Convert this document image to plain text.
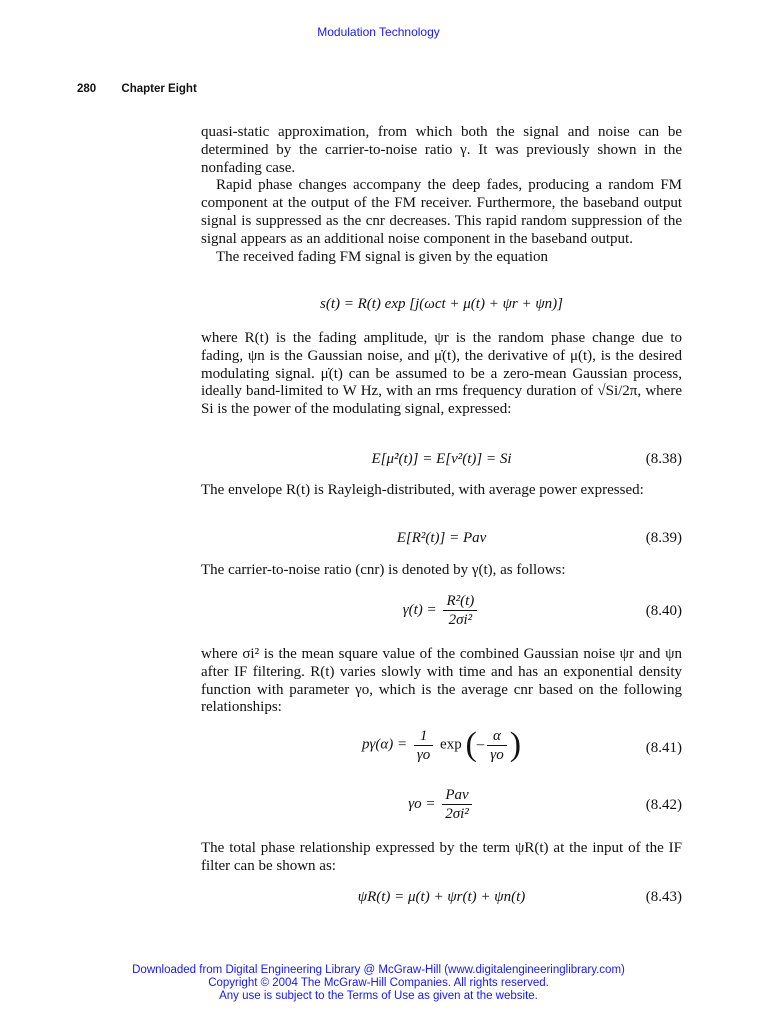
Modulation Technology
280 Chapter Eight

quasi-static approximation, from which both the signal and noise can be determined by the carrier-to-noise ratio γ. It was previously shown in the nonfading case.

Rapid phase changes accompany the deep fades, producing a random FM component at the output of the FM receiver. Furthermore, the baseband output signal is suppressed as the cnr decreases. This rapid random suppression of the signal appears as an additional noise component in the baseband output.

The received fading FM signal is given by the equation

s(t) = R(t) exp [j(ωct + μ(t) + ψr + ψn)]
where R(t) is the fading amplitude, ψr is the random phase change due to fading, ψn is the Gaussian noise, and μ̇(t), the derivative of μ(t), is the desired modulating signal. μ̇(t) can be assumed to be a zero-mean Gaussian process, ideally band-limited to W Hz, with an rms frequency duration of √Si/2π, where Si is the power of the modulating signal, expressed:
E[μ̇²(t)] = E[v²(t)] = Si	(8.38)
The envelope R(t) is Rayleigh-distributed, with average power expressed:
E[R²(t)] = Pav	(8.39)
The carrier-to-noise ratio (cnr) is denoted by γ(t), as follows:
$\gamma(t) = \frac{\text{R²(t)}}{\text{2σi²}}$	(8.40)
where σi² is the mean square value of the combined Gaussian noise ψr and ψn after IF filtering. R(t) varies slowly with time and has an exponential density function with parameter γo, which is the average cnr based on the following relationships:
$p\gamma(\alpha) = \frac{1}{\gamma o}$ exp (– $\frac{\alpha}{\gamma o}$ )	(8.41)
$\gamma o = \frac{\text{Pav}}{\text{2σi²}}$	(8.42)
The total phase relationship expressed by the term ψR(t) at the input of the IF filter can be shown as:
ψR(t) = μ(t) + ψr(t) + ψn(t)	(8.43)
Downloaded from Digital Engineering Library @ McGraw-Hill (www.digitalengineeringlibrary.com)
Copyright © 2004 The McGraw-Hill Companies. All rights reserved.
Any use is subject to the Terms of Use as given at the website.
